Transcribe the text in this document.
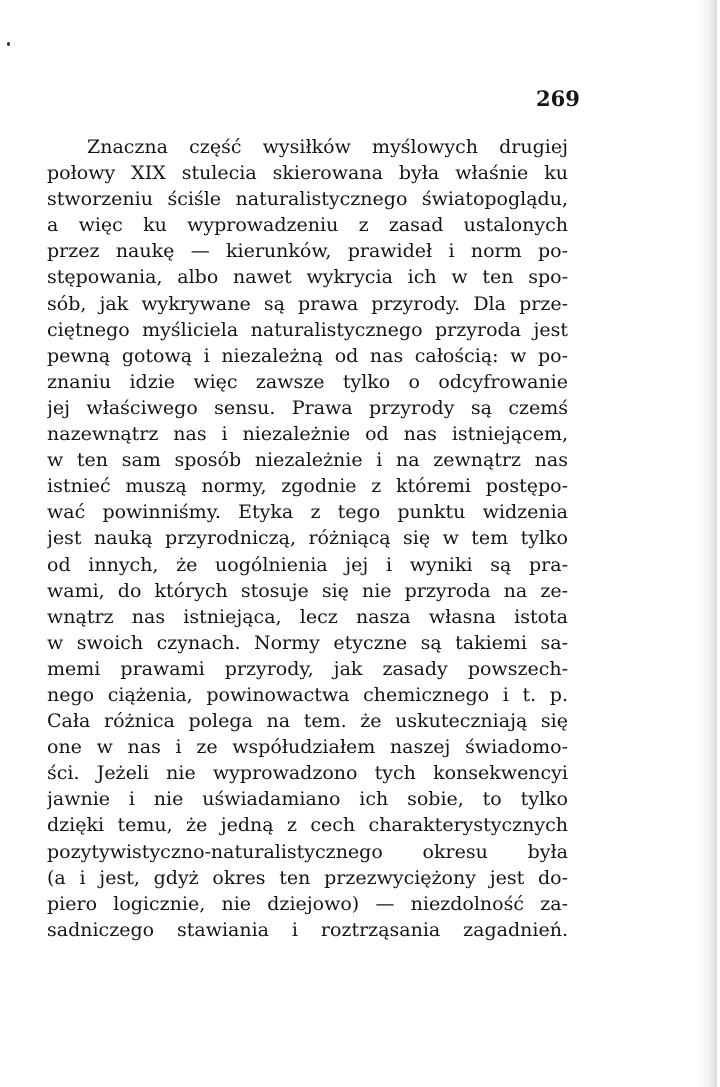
269
Znaczna część wysiłków myślowych drugiej
połowy XIX stulecia skierowana była właśnie ku
stworzeniu ściśle naturalistycznego światopoglądu,
a więc ku wyprowadzeniu z zasad ustalonych
przez naukę — kierunków, prawideł i norm po-
stępowania, albo nawet wykrycia ich w ten spo-
sób, jak wykrywane są prawa przyrody. Dla prze-
ciętnego myśliciela naturalistycznego przyroda jest
pewną gotową i niezależną od nas całością: w po-
znaniu idzie więc zawsze tylko o odcyfrowanie
jej właściwego sensu. Prawa przyrody są czemś
nazewnątrz nas i niezależnie od nas istniejącem,
w ten sam sposób niezależnie i na zewnątrz nas
istnieć muszą normy, zgodnie z któremi postępo-
wać powinniśmy. Etyka z tego punktu widzenia
jest nauką przyrodniczą, różniącą się w tem tylko
od innych, że uogólnienia jej i wyniki są pra-
wami, do których stosuje się nie przyroda na ze-
wnątrz nas istniejąca, lecz nasza własna istota
w swoich czynach. Normy etyczne są takiemi sa-
memi prawami przyrody, jak zasady powszech-
nego ciążenia, powinowactwa chemicznego i t. p.
Cała różnica polega na tem. że uskuteczniają się
one w nas i ze współudziałem naszej świadomo-
ści. Jeżeli nie wyprowadzono tych konsekwencyi
jawnie i nie uświadamiano ich sobie, to tylko
dzięki temu, że jedną z cech charakterystycznych
pozytywistyczno-naturalistycznego okresu była
(a i jest, gdyż okres ten przezwyciężony jest do-
piero logicznie, nie dziejowo) — niezdolność za-
sadniczego stawiania i roztrząsania zagadnień.
